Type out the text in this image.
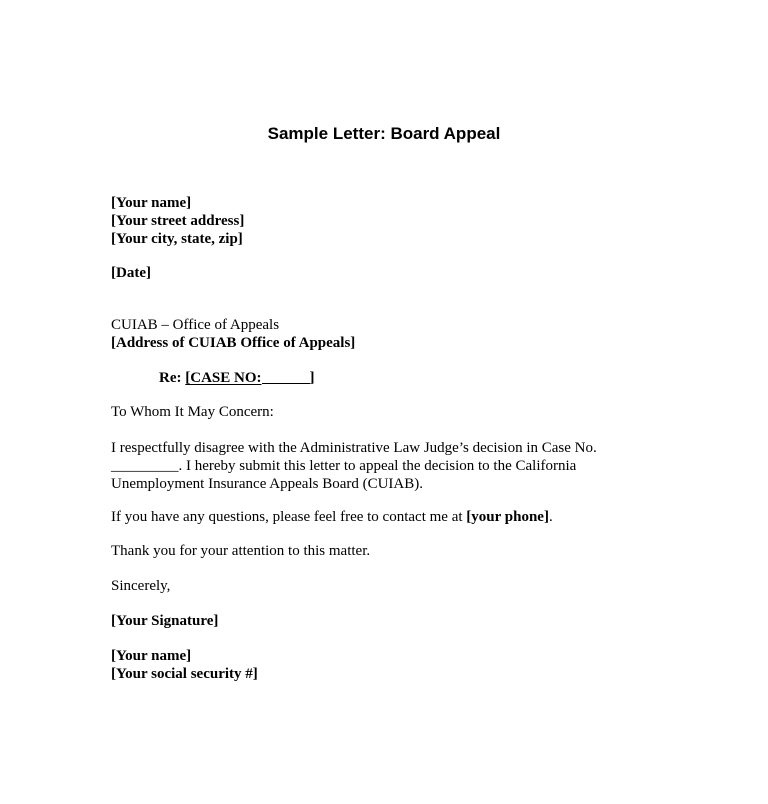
Sample Letter: Board Appeal
[Your name]
[Your street address]
[Your city, state, zip]
[Date]
CUIAB – Office of Appeals
[Address of CUIAB Office of Appeals]
Re: [CASE NO:	]
To Whom It May Concern:
I respectfully disagree with the Administrative Law Judge’s decision in Case No.
_________. I hereby submit this letter to appeal the decision to the California
Unemployment Insurance Appeals Board (CUIAB).
If you have any questions, please feel free to contact me at [your phone].
Thank you for your attention to this matter.
Sincerely,
[Your Signature]
[Your name]
[Your social security #]
